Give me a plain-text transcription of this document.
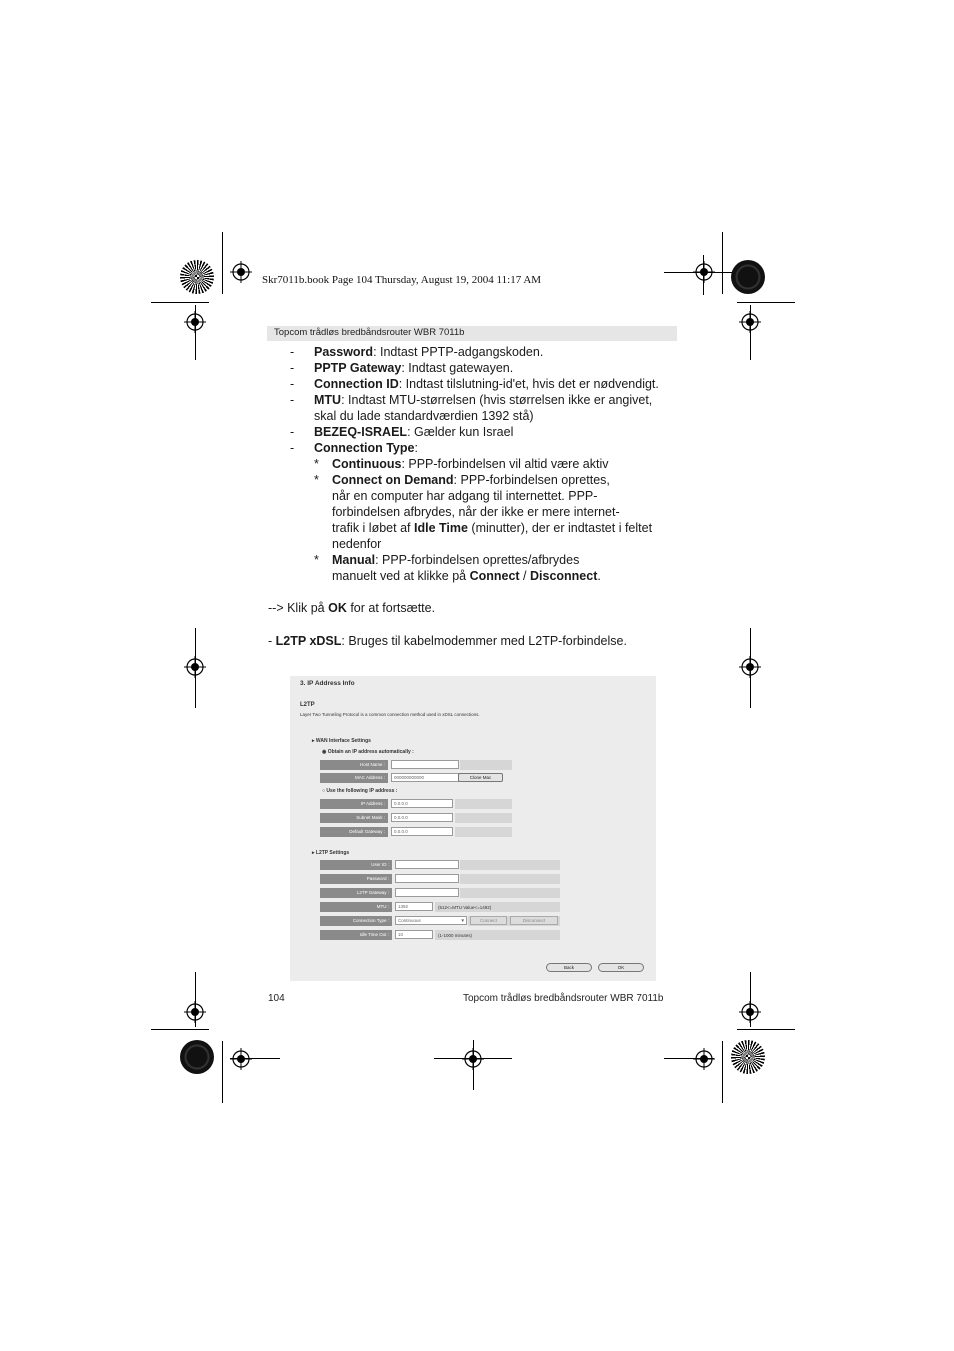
Skr7011b.book Page 104 Thursday, August 19, 2004 11:17 AM
Topcom trådløs bredbåndsrouter WBR 7011b
- Password: Indtast PPTP-adgangskoden.
- PPTP Gateway: Indtast gatewayen.
- Connection ID: Indtast tilslutning-id'et, hvis det er nødvendigt.
- MTU: Indtast MTU-størrelsen (hvis størrelsen ikke er angivet,
skal du lade standardværdien 1392 stå)
- BEZEQ-ISRAEL: Gælder kun Israel
- Connection Type:
* Continuous: PPP-forbindelsen vil altid være aktiv
* Connect on Demand: PPP-forbindelsen oprettes,
når en computer har adgang til internettet. PPP-
forbindelsen afbrydes, når der ikke er mere internet-
trafik i løbet af Idle Time (minutter), der er indtastet i feltet
nedenfor
* Manual: PPP-forbindelsen oprettes/afbrydes
manuelt ved at klikke på Connect / Disconnect.
--> Klik på OK for at fortsætte.
- L2TP xDSL: Bruges til kabelmodemmer med L2TP-forbindelse.
3. IP Address Info
L2TP
Layer Two Tunneling Protocol is a common connection method used in xDSL connections.
▸ WAN Interface Settings
◉ Obtain an IP address automatically :
Host Name :
MAC Address :	000000000000	Clone Mac
○ Use the following IP address :
IP Address :	0.0.0.0
Subnet Mask :	0.0.0.0
Default Gateway :	0.0.0.0
▸ L2TP Settings
User ID :
Password :
L2TP Gateway :
MTU :	1392	(512<=MTU Value<=1492)
Connection Type :	Continuous	▼	Connect	Disconnect
Idle Time Out :	10	(1-1000 minutes)
Back	OK
104	Topcom trådløs bredbåndsrouter WBR 7011b
